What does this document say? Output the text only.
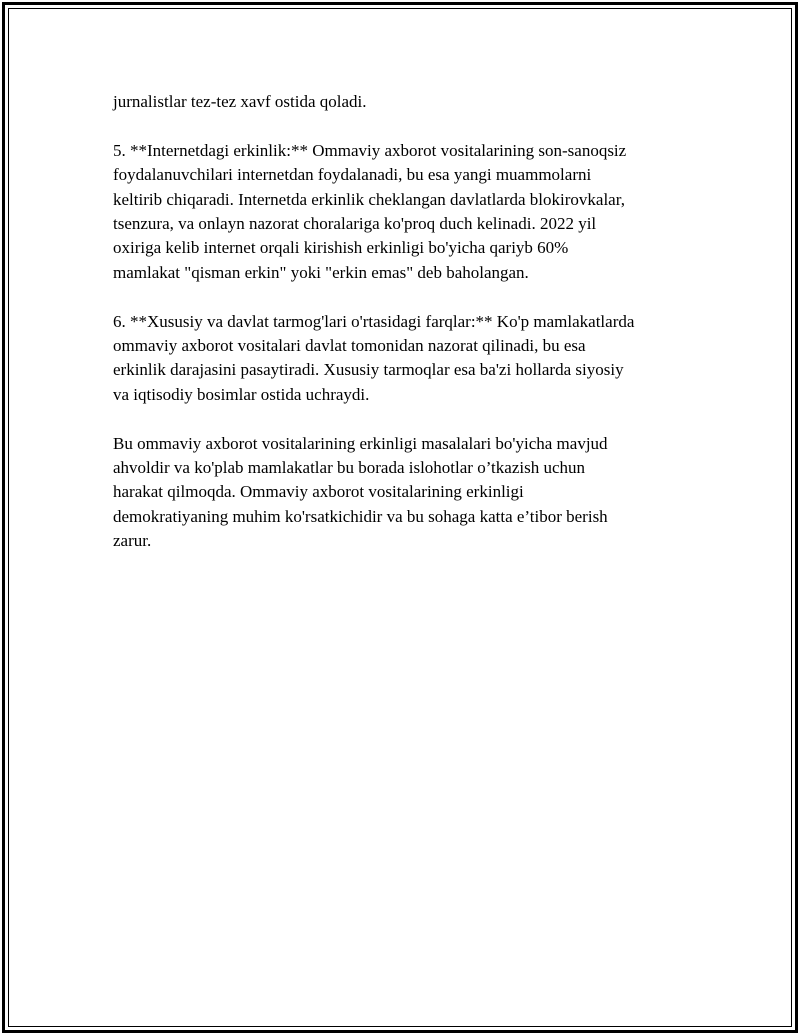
jurnalistlar tez-tez xavf ostida qoladi.

5. **Internetdagi erkinlik:** Ommaviy axborot vositalarining son-sanoqsiz
foydalanuvchilari internetdan foydalanadi, bu esa yangi muammolarni
keltirib chiqaradi. Internetda erkinlik cheklangan davlatlarda blokirovkalar,
tsenzura, va onlayn nazorat choralariga ko'proq duch kelinadi. 2022 yil
oxiriga kelib internet orqali kirishish erkinligi bo'yicha qariyb 60%
mamlakat "qisman erkin" yoki "erkin emas" deb baholangan.

6. **Xususiy va davlat tarmog'lari o'rtasidagi farqlar:** Ko'p mamlakatlarda
ommaviy axborot vositalari davlat tomonidan nazorat qilinadi, bu esa
erkinlik darajasini pasaytiradi. Xususiy tarmoqlar esa ba'zi hollarda siyosiy
va iqtisodiy bosimlar ostida uchraydi.

Bu ommaviy axborot vositalarining erkinligi masalalari bo'yicha mavjud
ahvoldir va ko'plab mamlakatlar bu borada islohotlar o’tkazish uchun
harakat qilmoqda. Ommaviy axborot vositalarining erkinligi
demokratiyaning muhim ko'rsatkichidir va bu sohaga katta e’tibor berish
zarur.
